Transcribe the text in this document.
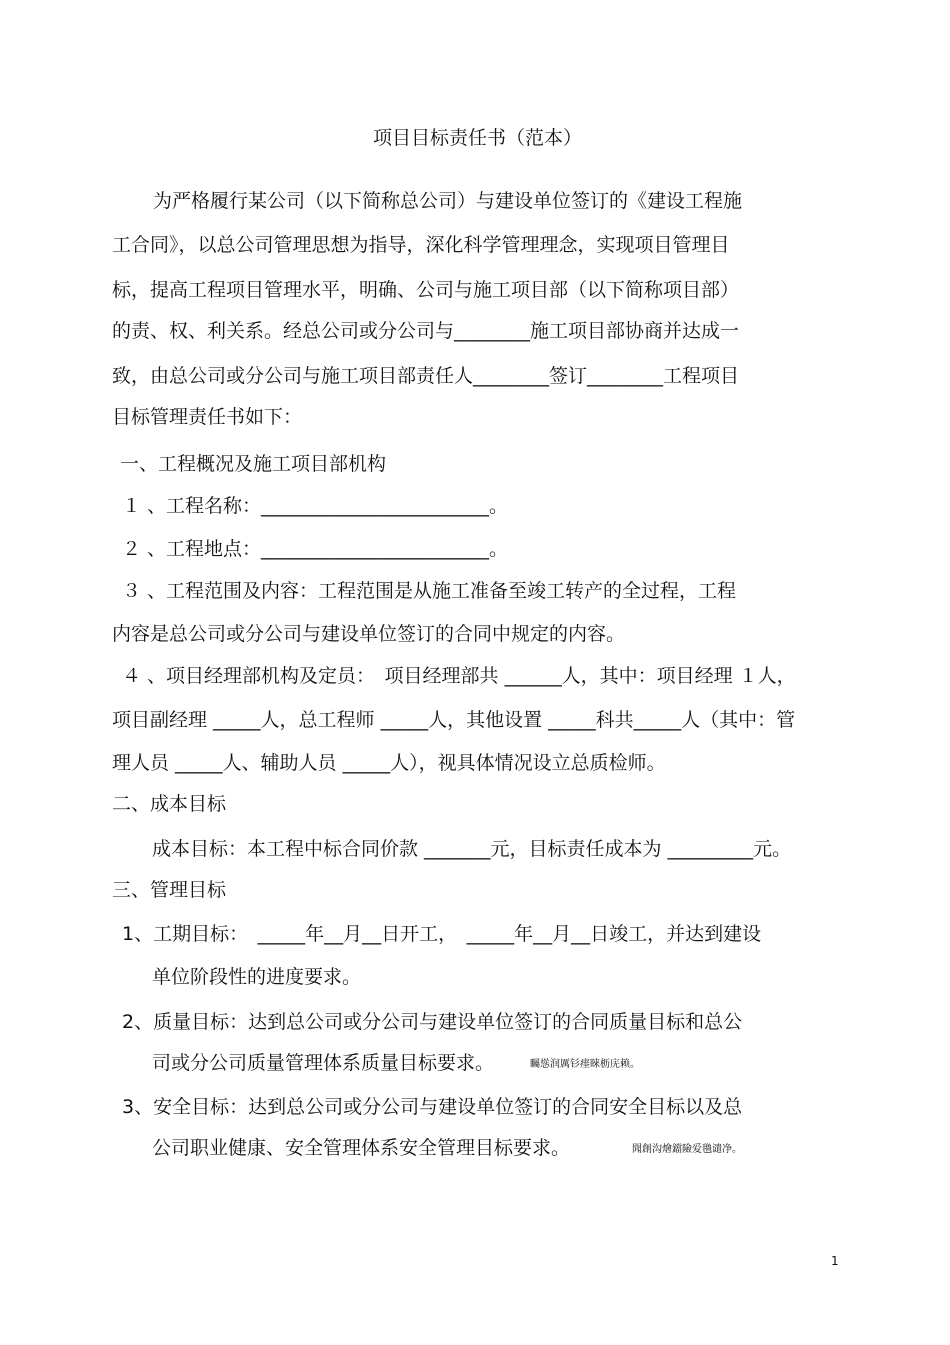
项目目标责任书（范本）
为严格履行某公司（以下简称总公司）与建设单位签订的《建设工程施
工合同》，以总公司管理思想为指导，深化科学管理理念，实现项目管理目
标，提高工程项目管理水平，明确、公司与施工项目部（以下简称项目部）
的责、权、利关系。经总公司或分公司与________施工项目部协商并达成一
致，由总公司或分公司与施工项目部责任人________签订________工程项目
目标管理责任书如下：
一、工程概况及施工项目部机构
１ 、工程名称：________________________。
２ 、工程地点：________________________。
３ 、工程范围及内容：工程范围是从施工准备至竣工转产的全过程，工程
内容是总公司或分公司与建设单位签订的合同中规定的内容。
４ 、项目经理部机构及定员：　项目经理部共 ______人，其中：项目经理 １人，
项目副经理 _____人，总工程师 _____人，其他设置 _____科共_____人（其中：管
理人员 _____人、辅助人员 _____人），视具体情况设立总质检师。
二、成本目标
成本目标：本工程中标合同价款 _______元，目标责任成本为 _________元。
三、管理目标
1、工期目标：　_____年__月__日开工，　_____年__月__日竣工，并达到建设
单位阶段性的进度要求。
2、质量目标：达到总公司或分公司与建设单位签订的合同质量目标和总公
司或分公司质量管理体系质量目标要求。	矚慫润厲钐瘗睞枥庑赖。
3、安全目标：达到总公司或分公司与建设单位签订的合同安全目标以及总
公司职业健康、安全管理体系安全管理目标要求。	聞創沟燴鐺險爱氇谴净。
1
